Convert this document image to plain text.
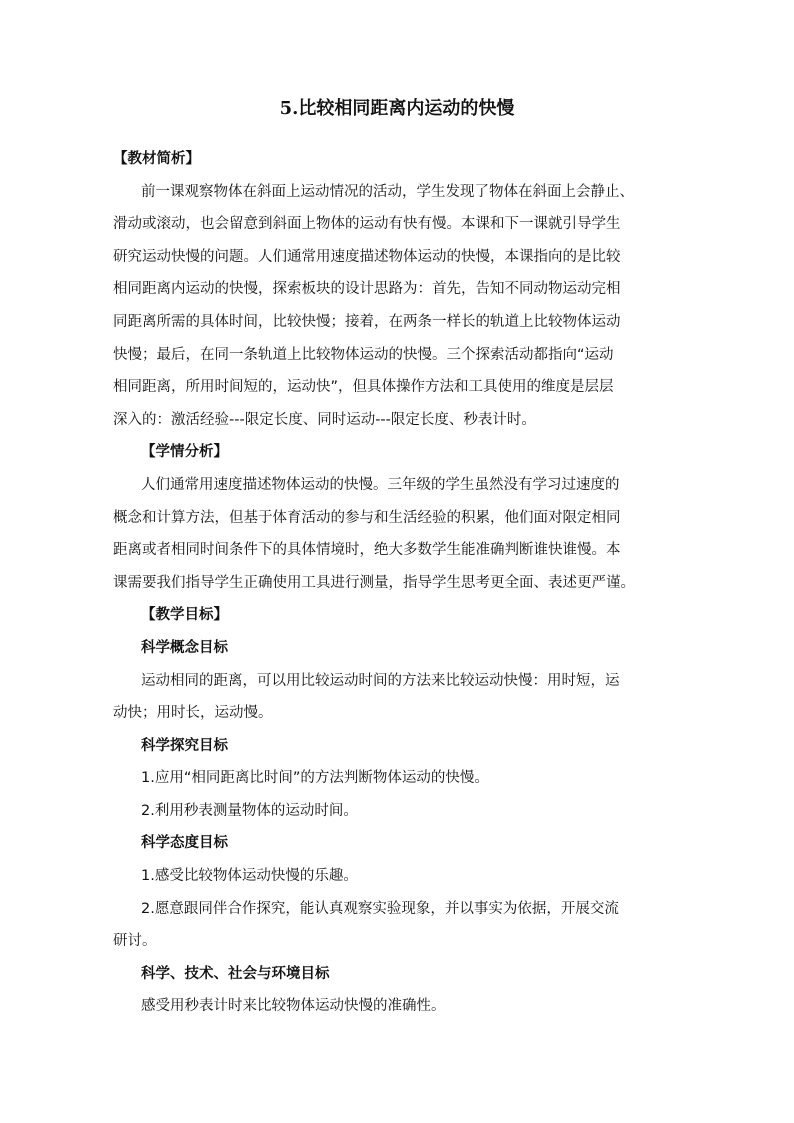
5.比较相同距离内运动的快慢
【教材简析】
前一课观察物体在斜面上运动情况的活动，学生发现了物体在斜面上会静止、
滑动或滚动，也会留意到斜面上物体的运动有快有慢。本课和下一课就引导学生
研究运动快慢的问题。人们通常用速度描述物体运动的快慢，本课指向的是比较
相同距离内运动的快慢，探索板块的设计思路为：首先，告知不同动物运动完相
同距离所需的具体时间，比较快慢；接着，在两条一样长的轨道上比较物体运动
快慢；最后，在同一条轨道上比较物体运动的快慢。三个探索活动都指向“运动
相同距离，所用时间短的，运动快”，但具体操作方法和工具使用的维度是层层
深入的：激活经验---限定长度、同时运动---限定长度、秒表计时。
【学情分析】
人们通常用速度描述物体运动的快慢。三年级的学生虽然没有学习过速度的
概念和计算方法，但基于体育活动的参与和生活经验的积累，他们面对限定相同
距离或者相同时间条件下的具体情境时，绝大多数学生能准确判断谁快谁慢。本
课需要我们指导学生正确使用工具进行测量，指导学生思考更全面、表述更严谨。
【教学目标】
科学概念目标
运动相同的距离，可以用比较运动时间的方法来比较运动快慢：用时短，运
动快；用时长，运动慢。
科学探究目标
1.应用“相同距离比时间”的方法判断物体运动的快慢。
2.利用秒表测量物体的运动时间。
科学态度目标
1.感受比较物体运动快慢的乐趣。
2.愿意跟同伴合作探究，能认真观察实验现象，并以事实为依据，开展交流
研讨。
科学、技术、社会与环境目标
感受用秒表计时来比较物体运动快慢的准确性。
